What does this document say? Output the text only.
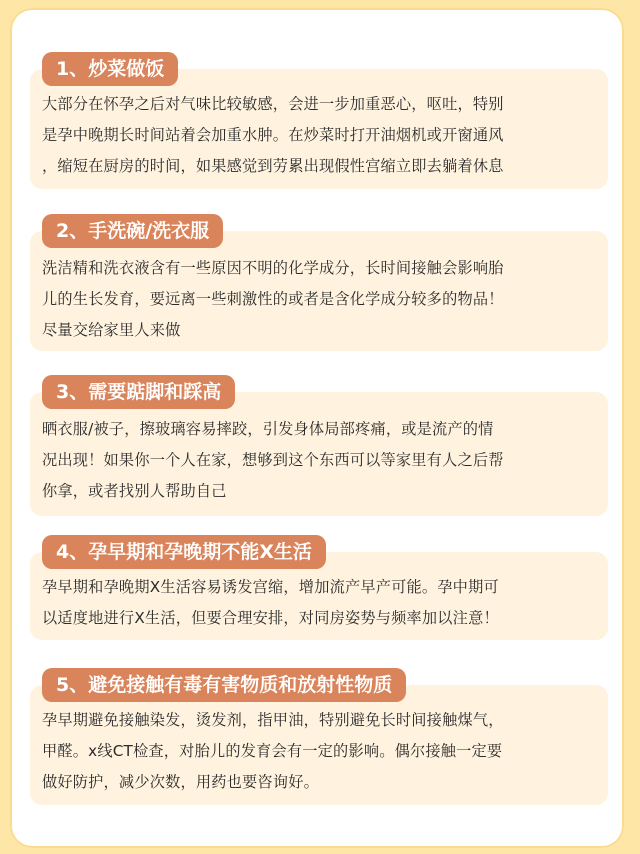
1、炒菜做饭
大部分在怀孕之后对气味比较敏感，会进一步加重恶心，呕吐，特别
是孕中晚期长时间站着会加重水肿。在炒菜时打开油烟机或开窗通风
，缩短在厨房的时间，如果感觉到劳累出现假性宫缩立即去躺着休息
2、手洗碗/洗衣服
洗洁精和洗衣液含有一些原因不明的化学成分，长时间接触会影响胎
儿的生长发育，要远离一些刺激性的或者是含化学成分较多的物品！
尽量交给家里人来做
3、需要踮脚和踩高
晒衣服/被子，擦玻璃容易摔跤，引发身体局部疼痛，或是流产的情
况出现！如果你一个人在家，想够到这个东西可以等家里有人之后帮
你拿，或者找别人帮助自己
4、孕早期和孕晚期不能X生活
孕早期和孕晚期X生活容易诱发宫缩，增加流产早产可能。孕中期可
以适度地进行X生活，但要合理安排，对同房姿势与频率加以注意！
5、避免接触有毒有害物质和放射性物质
孕早期避免接触染发，烫发剂，指甲油，特别避免长时间接触煤气，
甲醛。x线CT检查，对胎儿的发育会有一定的影响。偶尔接触一定要
做好防护，减少次数，用药也要咨询好。
